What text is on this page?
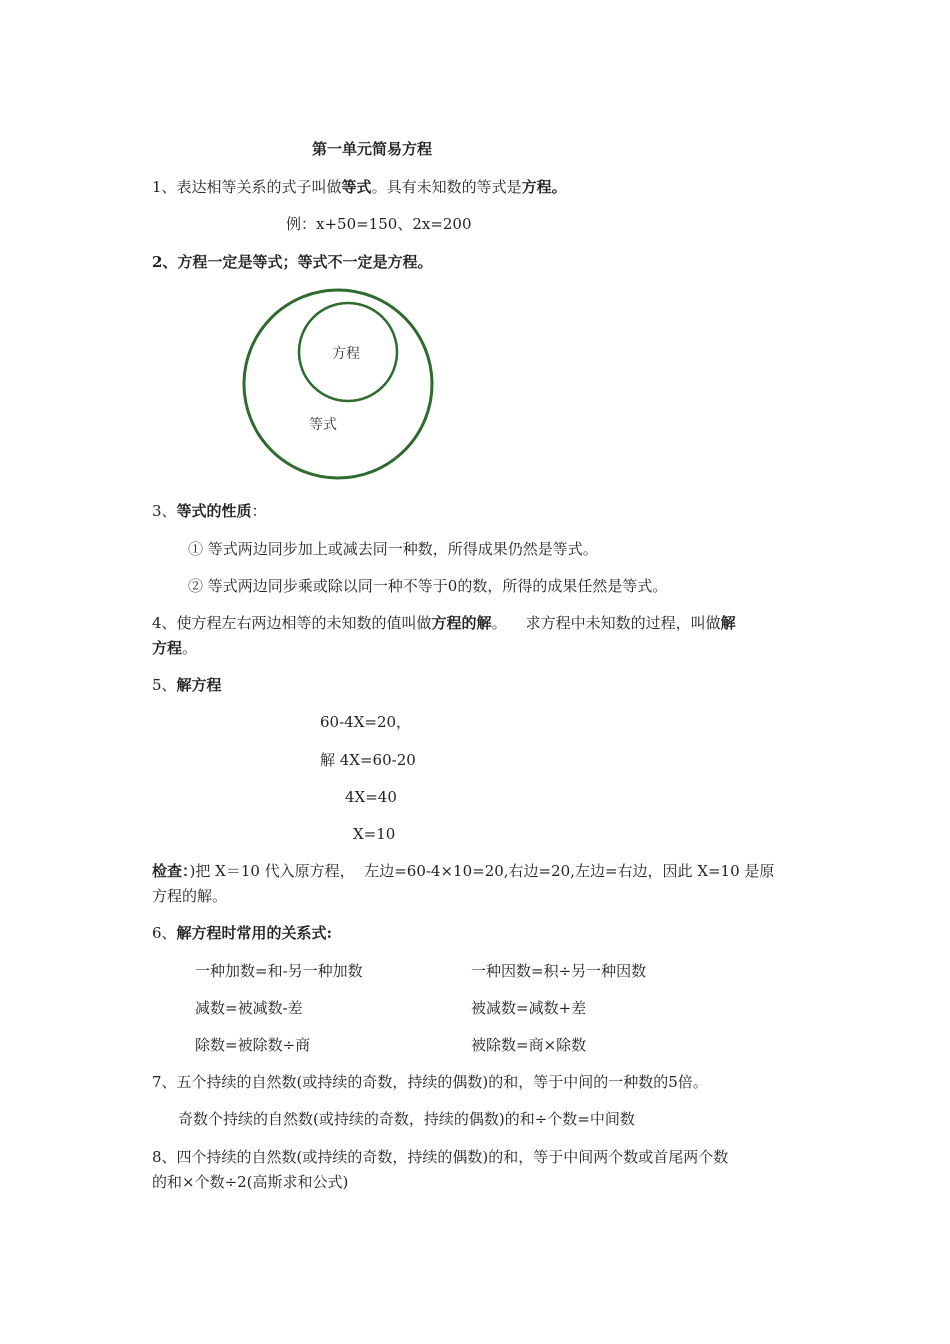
第一单元简易方程
1、表达相等关系的式子叫做等式。具有未知数的等式是方程。
例：x+50=150、2x=200
2、方程一定是等式；等式不一定是方程。
方程
等式
3、等式的性质：
① 等式两边同步加上或减去同一种数，所得成果仍然是等式。
② 等式两边同步乘或除以同一种不等于0的数，所得的成果任然是等式。
4、使方程左右两边相等的未知数的值叫做方程的解。    求方程中未知数的过程，叫做解
方程。
5、解方程
60-4X=20，
解 4X=60-20
4X=40
X=10
检查：)把 X＝10 代入原方程，  左边=60-4×10=20,右边=20,左边=右边，因此 X=10 是原
方程的解。
6、解方程时常用的关系式:
一种加数=和-另一种加数	一种因数=积÷另一种因数
减数=被减数-差	被减数=减数+差
除数=被除数÷商	被除数=商×除数
7、五个持续的自然数(或持续的奇数，持续的偶数)的和，等于中间的一种数的5倍。
奇数个持续的自然数(或持续的奇数，持续的偶数)的和÷个数=中间数
8、四个持续的自然数(或持续的奇数，持续的偶数)的和，等于中间两个数或首尾两个数
的和×个数÷2(高斯求和公式)
